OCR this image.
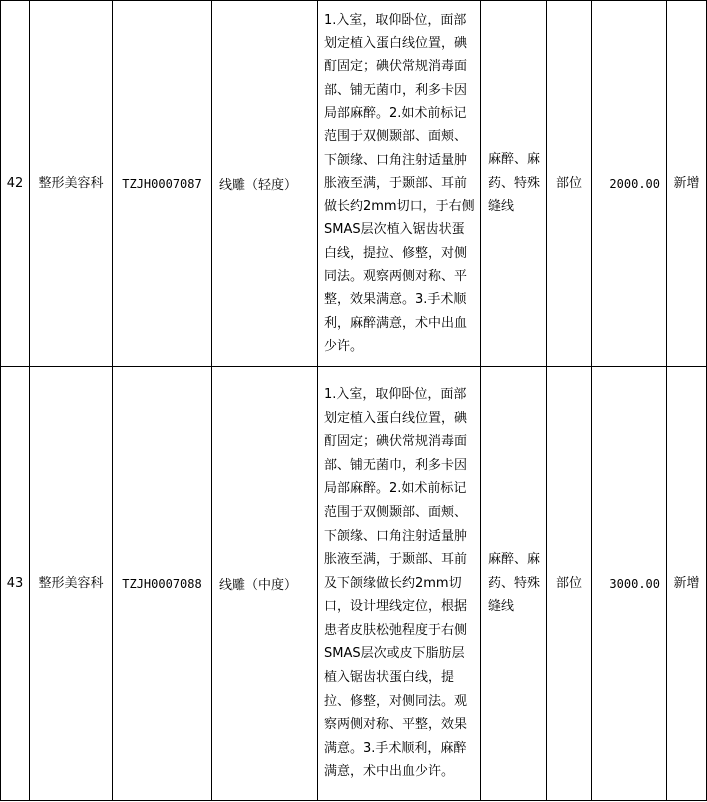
42	整形美容科	TZJH0007087	线雕（轻度）	1.入室，取仰卧位，面部划定植入蛋白线位置，碘酊固定；碘伏常规消毒面部、铺无菌巾，利多卡因局部麻醉。2.如术前标记范围于双侧颞部、面颊、下颌缘、口角注射适量肿胀液至满，于颞部、耳前做长约2mm切口，于右侧SMAS层次植入锯齿状蛋白线，提拉、修整，对侧同法。观察两侧对称、平整，效果满意。3.手术顺利，麻醉满意，术中出血少许。	麻醉、麻药、特殊缝线	部位	2000.00	新增
43	整形美容科	TZJH0007088	线雕（中度）	1.入室，取仰卧位，面部划定植入蛋白线位置，碘酊固定；碘伏常规消毒面部、铺无菌巾，利多卡因局部麻醉。2.如术前标记范围于双侧颞部、面颊、下颌缘、口角注射适量肿胀液至满，于颞部、耳前及下颌缘做长约2mm切口，设计埋线定位，根据患者皮肤松弛程度于右侧SMAS层次或皮下脂肪层植入锯齿状蛋白线，提拉、修整，对侧同法。观察两侧对称、平整，效果满意。3.手术顺利，麻醉满意，术中出血少许。	麻醉、麻药、特殊缝线	部位	3000.00	新增
